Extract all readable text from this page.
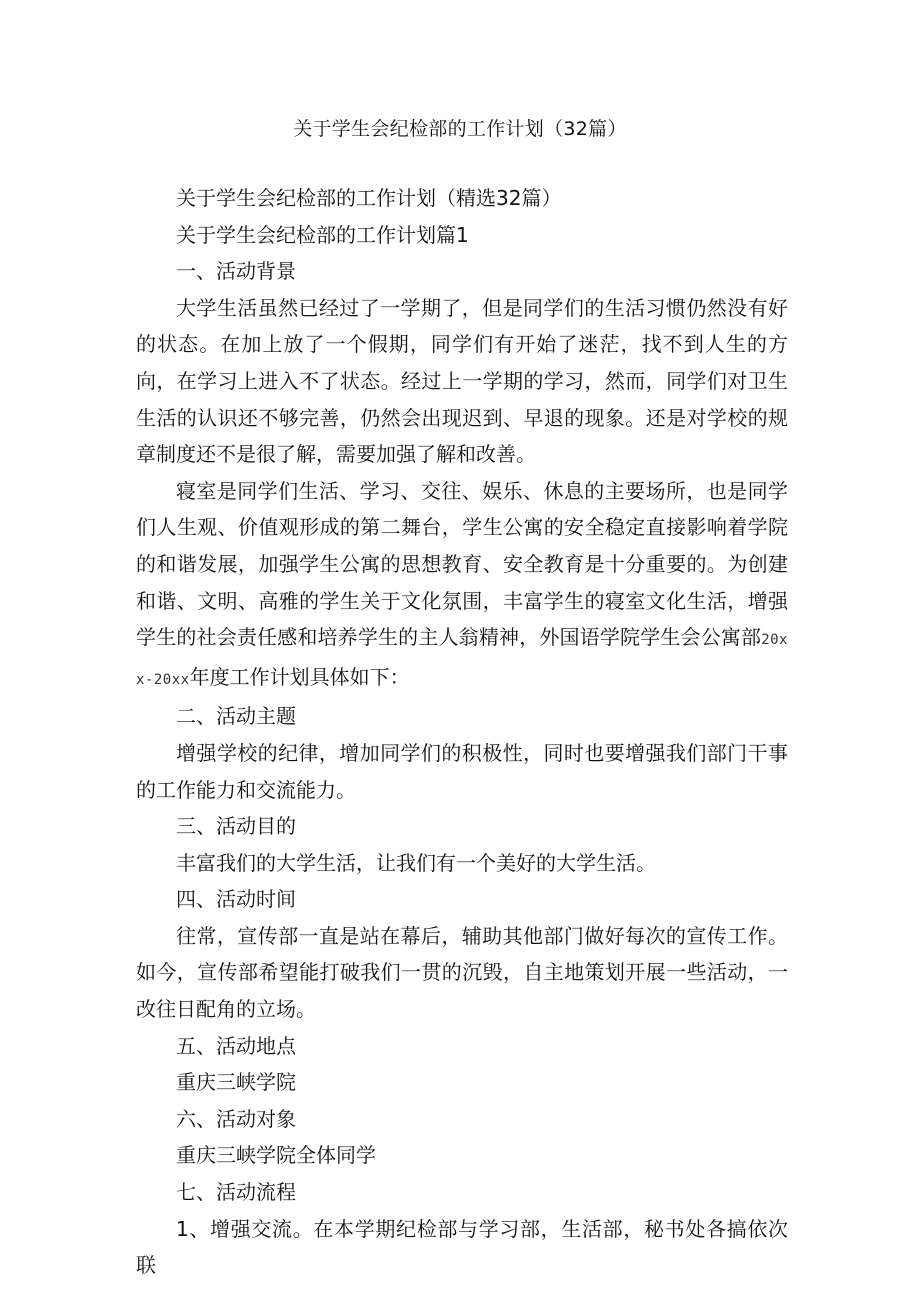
关于学生会纪检部的工作计划（32篇）

关于学生会纪检部的工作计划（精选32篇）

关于学生会纪检部的工作计划篇1

一、活动背景

大学生活虽然已经过了一学期了，但是同学们的生活习惯仍然没有好的状态。在加上放了一个假期，同学们有开始了迷茫，找不到人生的方向，在学习上进入不了状态。经过上一学期的学习，然而，同学们对卫生生活的认识还不够完善，仍然会出现迟到、早退的现象。还是对学校的规章制度还不是很了解，需要加强了解和改善。

寝室是同学们生活、学习、交往、娱乐、休息的主要场所，也是同学们人生观、价值观形成的第二舞台，学生公寓的安全稳定直接影响着学院的和谐发展，加强学生公寓的思想教育、安全教育是十分重要的。为创建和谐、文明、高雅的学生关于文化氛围，丰富学生的寝室文化生活，增强学生的社会责任感和培养学生的主人翁精神，外国语学院学生会公寓部20xx-20xx年度工作计划具体如下：

二、活动主题

增强学校的纪律，增加同学们的积极性，同时也要增强我们部门干事的工作能力和交流能力。

三、活动目的

丰富我们的大学生活，让我们有一个美好的大学生活。

四、活动时间

往常，宣传部一直是站在幕后，辅助其他部门做好每次的宣传工作。如今，宣传部希望能打破我们一贯的沉毁，自主地策划开展一些活动，一改往日配角的立场。

五、活动地点

重庆三峡学院

六、活动对象

重庆三峡学院全体同学

七、活动流程

1、增强交流。在本学期纪检部与学习部，生活部，秘书处各搞依次联
